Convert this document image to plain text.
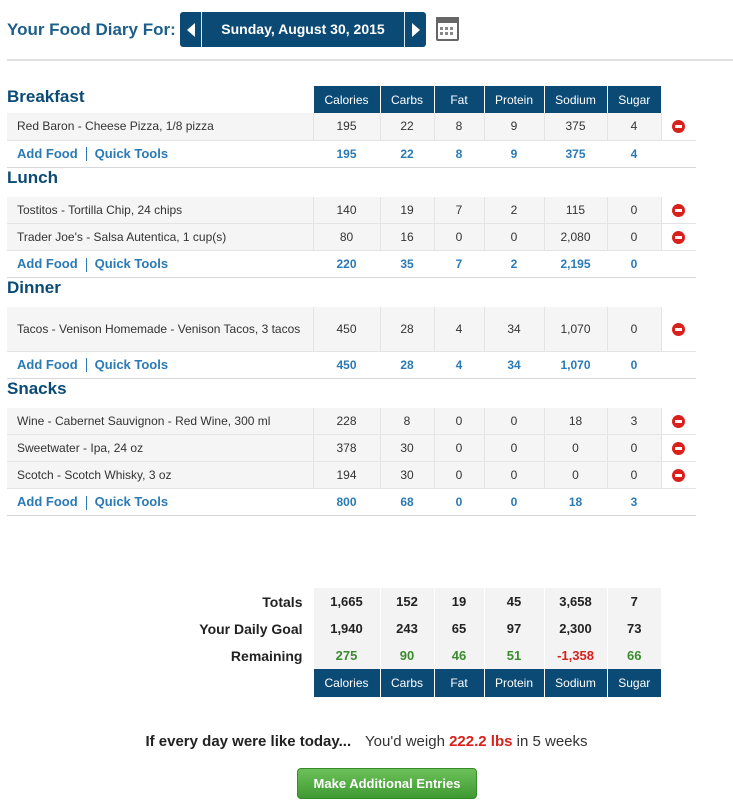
Your Food Diary For:	Sunday, August 30, 2015
Breakfast	Calories	Carbs	Fat	Protein	Sodium	Sugar	
Red Baron - Cheese Pizza, 1/8 pizza	195	22	8	9	375	4	
Add Food Quick Tools	195	22	8	9	375	4	
Lunch							
Tostitos - Tortilla Chip, 24 chips	140	19	7	2	115	0	
Trader Joe's - Salsa Autentica, 1 cup(s)	80	16	0	0	2,080	0	
Add Food Quick Tools	220	35	7	2	2,195	0	
Dinner							
Tacos - Venison Homemade - Venison Tacos, 3 tacos	450	28	4	34	1,070	0	
Add Food Quick Tools	450	28	4	34	1,070	0	
Snacks							
Wine - Cabernet Sauvignon - Red Wine, 300 ml	228	8	0	0	18	3	
Sweetwater - Ipa, 24 oz	378	30	0	0	0	0	
Scotch - Scotch Whisky, 3 oz	194	30	0	0	0	0	
Add Food Quick Tools	800	68	0	0	18	3	
Totals	1,665	152	19	45	3,658	7
Your Daily Goal	1,940	243	65	97	2,300	73
Remaining	275	90	46	51	-1,358	66
	Calories	Carbs	Fat	Protein	Sodium	Sugar
If every day were like today... You'd weigh 222.2 lbs in 5 weeks
Make Additional Entries
